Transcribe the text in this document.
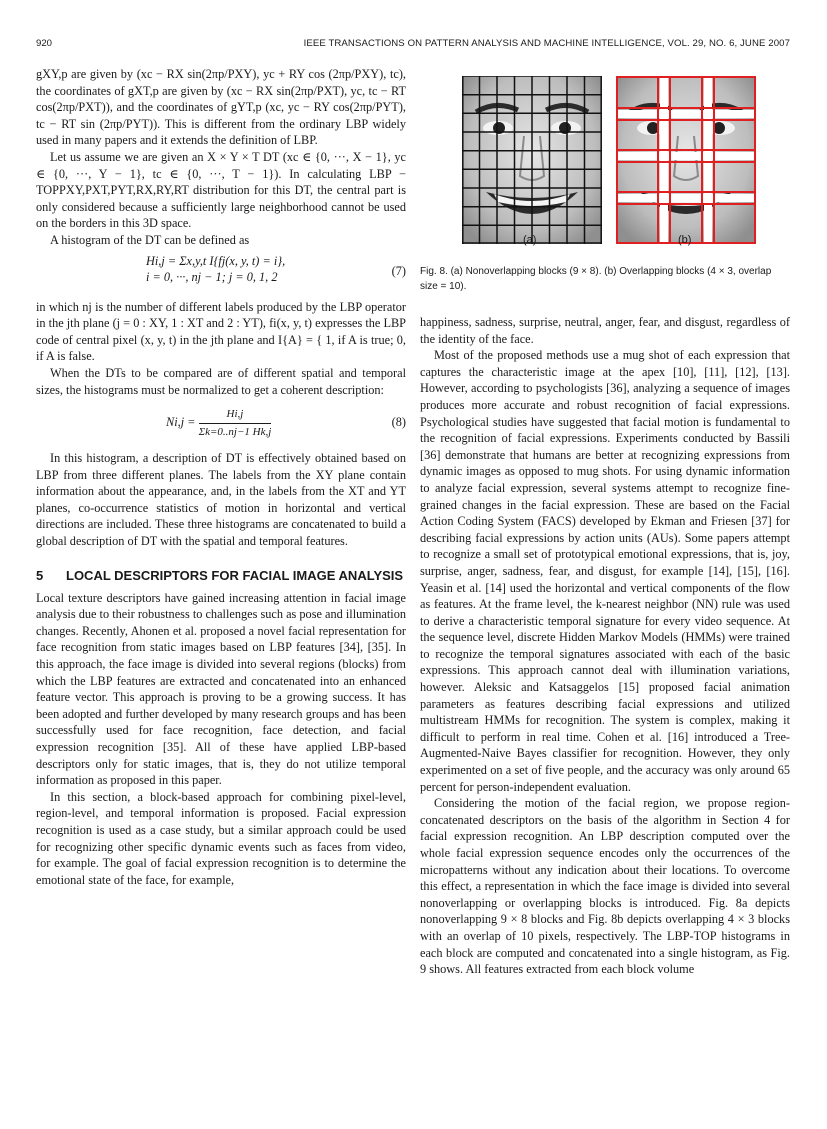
920	IEEE TRANSACTIONS ON PATTERN ANALYSIS AND MACHINE INTELLIGENCE, VOL. 29, NO. 6, JUNE 2007

gXY,p are given by (xc − RX sin(2πp/PXY), yc + RY cos (2πp/PXY), tc), the coordinates of gXT,p are given by (xc − RX sin(2πp/PXT), yc, tc − RT cos(2πp/PXT)), and the coordinates of gYT,p (xc, yc − RY cos(2πp/PYT), tc − RT sin (2πp/PYT)). This is different from the ordinary LBP widely used in many papers and it extends the definition of LBP.

Let us assume we are given an X × Y × T DT (xc ∈ {0, ···, X − 1}, yc ∈ {0, ···, Y − 1}, tc ∈ {0, ···, T − 1}). In calculating LBP − TOPPXY,PXT,PYT,RX,RY,RT distribution for this DT, the central part is only considered because a sufficiently large neighborhood cannot be used on the borders in this 3D space.

A histogram of the DT can be defined as

Hi,j = Σx,y,t I{fj(x, y, t) = i},
i = 0, ···, nj − 1; j = 0, 1, 2	(7)

in which nj is the number of different labels produced by the LBP operator in the jth plane (j = 0 : XY, 1 : XT and 2 : YT), fi(x, y, t) expresses the LBP code of central pixel (x, y, t) in the jth plane and I{A} = { 1, if A is true; 0, if A is false.

When the DTs to be compared are of different spatial and temporal sizes, the histograms must be normalized to get a coherent description:

$Ni,j = \frac{Hi,j}{\Sigma k=0..nj-1 Hk,j}$	(8)

In this histogram, a description of DT is effectively obtained based on LBP from three different planes. The labels from the XY plane contain information about the appearance, and, in the labels from the XT and YT planes, co-occurrence statistics of motion in horizontal and vertical directions are included. These three histograms are concatenated to build a global description of DT with the spatial and temporal features.

5 LOCAL DESCRIPTORS FOR FACIAL IMAGE ANALYSIS

Local texture descriptors have gained increasing attention in facial image analysis due to their robustness to challenges such as pose and illumination changes. Recently, Ahonen et al. proposed a novel facial representation for face recognition from static images based on LBP features [34], [35]. In this approach, the face image is divided into several regions (blocks) from which the LBP features are extracted and concatenated into an enhanced feature vector. This approach is proving to be a growing success. It has been adopted and further developed by many research groups and has been successfully used for face recognition, face detection, and facial expression recognition [35]. All of these have applied LBP-based descriptors only for static images, that is, they do not utilize temporal information as proposed in this paper.

In this section, a block-based approach for combining pixel-level, region-level, and temporal information is proposed. Facial expression recognition is used as a case study, but a similar approach could be used for recognizing other specific dynamic events such as faces from video, for example. The goal of facial expression recognition is to determine the emotional state of the face, for example,

(a)	(b)
Fig. 8. (a) Nonoverlapping blocks (9 × 8). (b) Overlapping blocks (4 × 3, overlap size = 10).

happiness, sadness, surprise, neutral, anger, fear, and disgust, regardless of the identity of the face.

Most of the proposed methods use a mug shot of each expression that captures the characteristic image at the apex [10], [11], [12], [13]. However, according to psychologists [36], analyzing a sequence of images produces more accurate and robust recognition of facial expressions. Psychological studies have suggested that facial motion is fundamental to the recognition of facial expressions. Experiments conducted by Bassili [36] demonstrate that humans are better at recognizing expressions from dynamic images as opposed to mug shots. For using dynamic information to analyze facial expression, several systems attempt to recognize fine-grained changes in the facial expression. These are based on the Facial Action Coding System (FACS) developed by Ekman and Friesen [37] for describing facial expressions by action units (AUs). Some papers attempt to recognize a small set of prototypical emotional expressions, that is, joy, surprise, anger, sadness, fear, and disgust, for example [14], [15], [16]. Yeasin et al. [14] used the horizontal and vertical components of the flow as features. At the frame level, the k-nearest neighbor (NN) rule was used to derive a characteristic temporal signature for every video sequence. At the sequence level, discrete Hidden Markov Models (HMMs) were trained to recognize the temporal signatures associated with each of the basic expressions. This approach cannot deal with illumination variations, however. Aleksic and Katsaggelos [15] proposed facial animation parameters as features describing facial expressions and utilized multistream HMMs for recognition. The system is complex, making it difficult to perform in real time. Cohen et al. [16] introduced a Tree-Augmented-Naive Bayes classifier for recognition. However, they only experimented on a set of five people, and the accuracy was only around 65 percent for person-independent evaluation.

Considering the motion of the facial region, we propose region-concatenated descriptors on the basis of the algorithm in Section 4 for facial expression recognition. An LBP description computed over the whole facial expression sequence encodes only the occurrences of the micropatterns without any indication about their locations. To overcome this effect, a representation in which the face image is divided into several nonoverlapping or overlapping blocks is introduced. Fig. 8a depicts nonoverlapping 9 × 8 blocks and Fig. 8b depicts overlapping 4 × 3 blocks with an overlap of 10 pixels, respectively. The LBP-TOP histograms in each block are computed and concatenated into a single histogram, as Fig. 9 shows. All features extracted from each block volume
